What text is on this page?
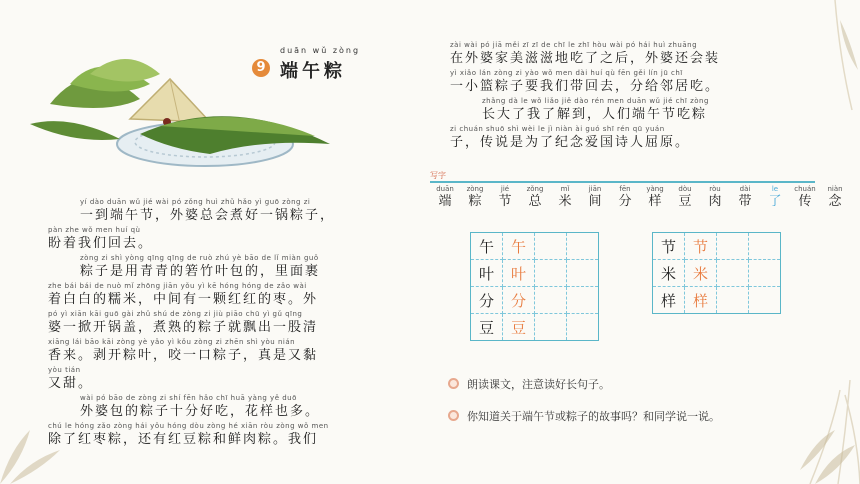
9
duān wǔ zòng
端午粽
yí dào duān wǔ jié wài pó zǒng huì zhǔ hǎo yì guō zòng zi
一到端午节，外婆总会煮好一锅粽子，
pàn zhe wǒ men huí qù
盼着我们回去。
zòng zi shì yòng qīng qīng de ruò zhú yè bāo de lǐ miàn guǒ
粽子是用青青的箬竹叶包的，里面裹
zhe bái bái de nuò mǐ zhōng jiān yǒu yì kē hóng hóng de zǎo wài
着白白的糯米，中间有一颗红红的枣。外
pó yì xiān kāi guō gài zhǔ shú de zòng zi jiù piāo chū yì gǔ qīng
婆一掀开锅盖，煮熟的粽子就飘出一股清
xiāng lái bāo kāi zòng yè yǎo yì kǒu zòng zi zhēn shì yòu nián
香来。剥开粽叶，咬一口粽子，真是又黏
yòu tián
又甜。
wài pó bāo de zòng zi shí fēn hǎo chī huā yàng yě duō
外婆包的粽子十分好吃，花样也多。
chú le hóng zǎo zòng hái yǒu hóng dòu zòng hé xiān ròu zòng wǒ men
除了红枣粽，还有红豆粽和鲜肉粽。我们
zài wài pó jiā měi zī zī de chī le zhī hòu wài pó hái huì zhuāng
在外婆家美滋滋地吃了之后，外婆还会装
yì xiǎo lán zòng zi yào wǒ men dài huí qù fēn gěi lín jū chī
一小篮粽子要我们带回去，分给邻居吃。
zhǎng dà le wǒ liǎo jiě dào rén men duān wǔ jié chī zòng
长大了我了解到，人们端午节吃粽
zi chuán shuō shì wèi le jì niàn ài guó shī rén qū yuán
子，传说是为了纪念爱国诗人屈原。
写字
duān
端
zòng
粽
jié
节
zǒng
总
mǐ
米
jiān
间
fēn
分
yàng
样
dòu
豆
ròu
肉
dài
带
le
了
chuán
传
niàn
念
午	午		
叶	叶		
分	分		
豆	豆		
节	节		
米	米		
样	样		
朗读课文，注意读好长句子。
你知道关于端午节或粽子的故事吗？和同学说一说。
